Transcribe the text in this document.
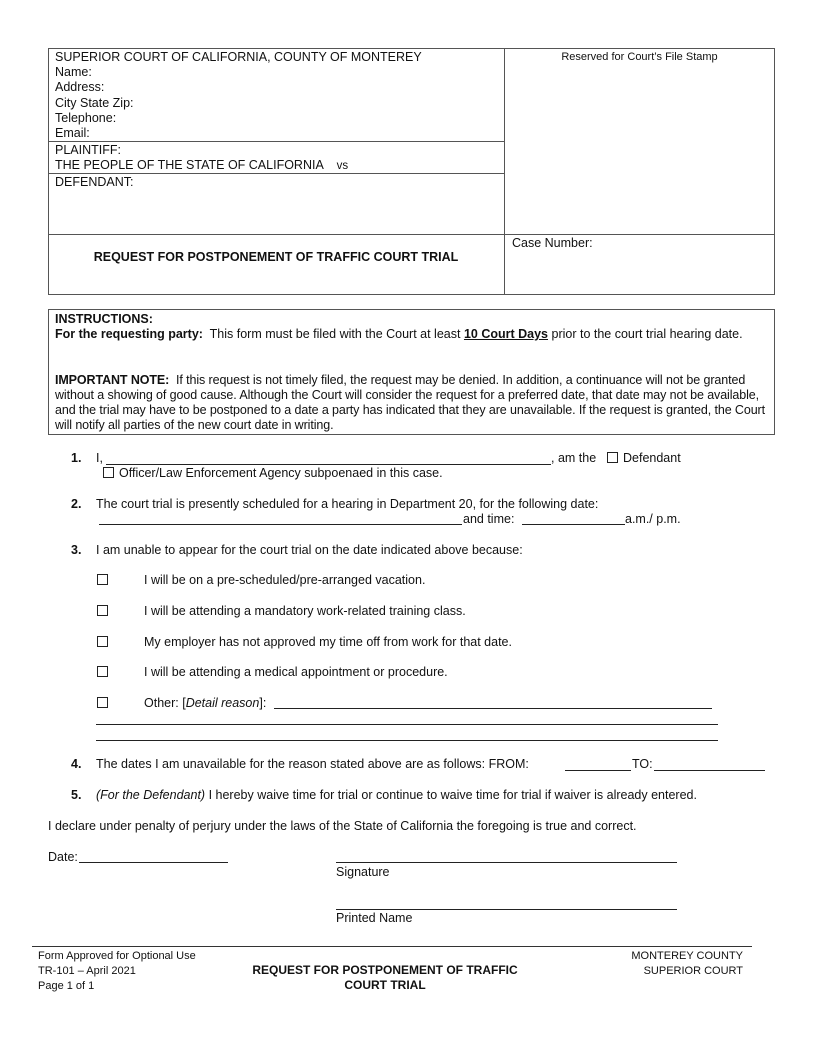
SUPERIOR COURT OF CALIFORNIA, COUNTY OF MONTEREY
Name:
Address:
City State Zip:
Telephone:
Email:
PLAINTIFF:
THE PEOPLE OF THE STATE OF CALIFORNIA vs
DEFENDANT:
Reserved for Court’s File Stamp
REQUEST FOR POSTPONEMENT OF TRAFFIC COURT TRIAL
Case Number:
INSTRUCTIONS:
For the requesting party: This form must be filed with the Court at least 10 Court Days prior to the court trial hearing date.
IMPORTANT NOTE: If this request is not timely filed, the request may be denied. In addition, a continuance will not be granted without a showing of good cause. Although the Court will consider the request for a preferred date, that date may not be available, and the trial may have to be postponed to a date a party has indicated that they are unavailable. If the request is granted, the Court will notify all parties of the new court date in writing.
1. I,	, am the Defendant
Officer/Law Enforcement Agency subpoenaed in this case.
2. The court trial is presently scheduled for a hearing in Department 20, for the following date:
and time:	a.m./ p.m.
3. I am unable to appear for the court trial on the date indicated above because:
I will be on a pre-scheduled/pre-arranged vacation.
I will be attending a mandatory work-related training class.
My employer has not approved my time off from work for that date.
I will be attending a medical appointment or procedure.
Other: [Detail reason]:
4. The dates I am unavailable for the reason stated above are as follows: FROM:	TO:
5. (For the Defendant) I hereby waive time for trial or continue to waive time for trial if waiver is already entered.
I declare under penalty of perjury under the laws of the State of California the foregoing is true and correct.
Date:
Signature
Printed Name
Form Approved for Optional Use
TR-101 – April 2021
Page 1 of 1
REQUEST FOR POSTPONEMENT OF TRAFFIC
COURT TRIAL
MONTEREY COUNTY
SUPERIOR COURT
